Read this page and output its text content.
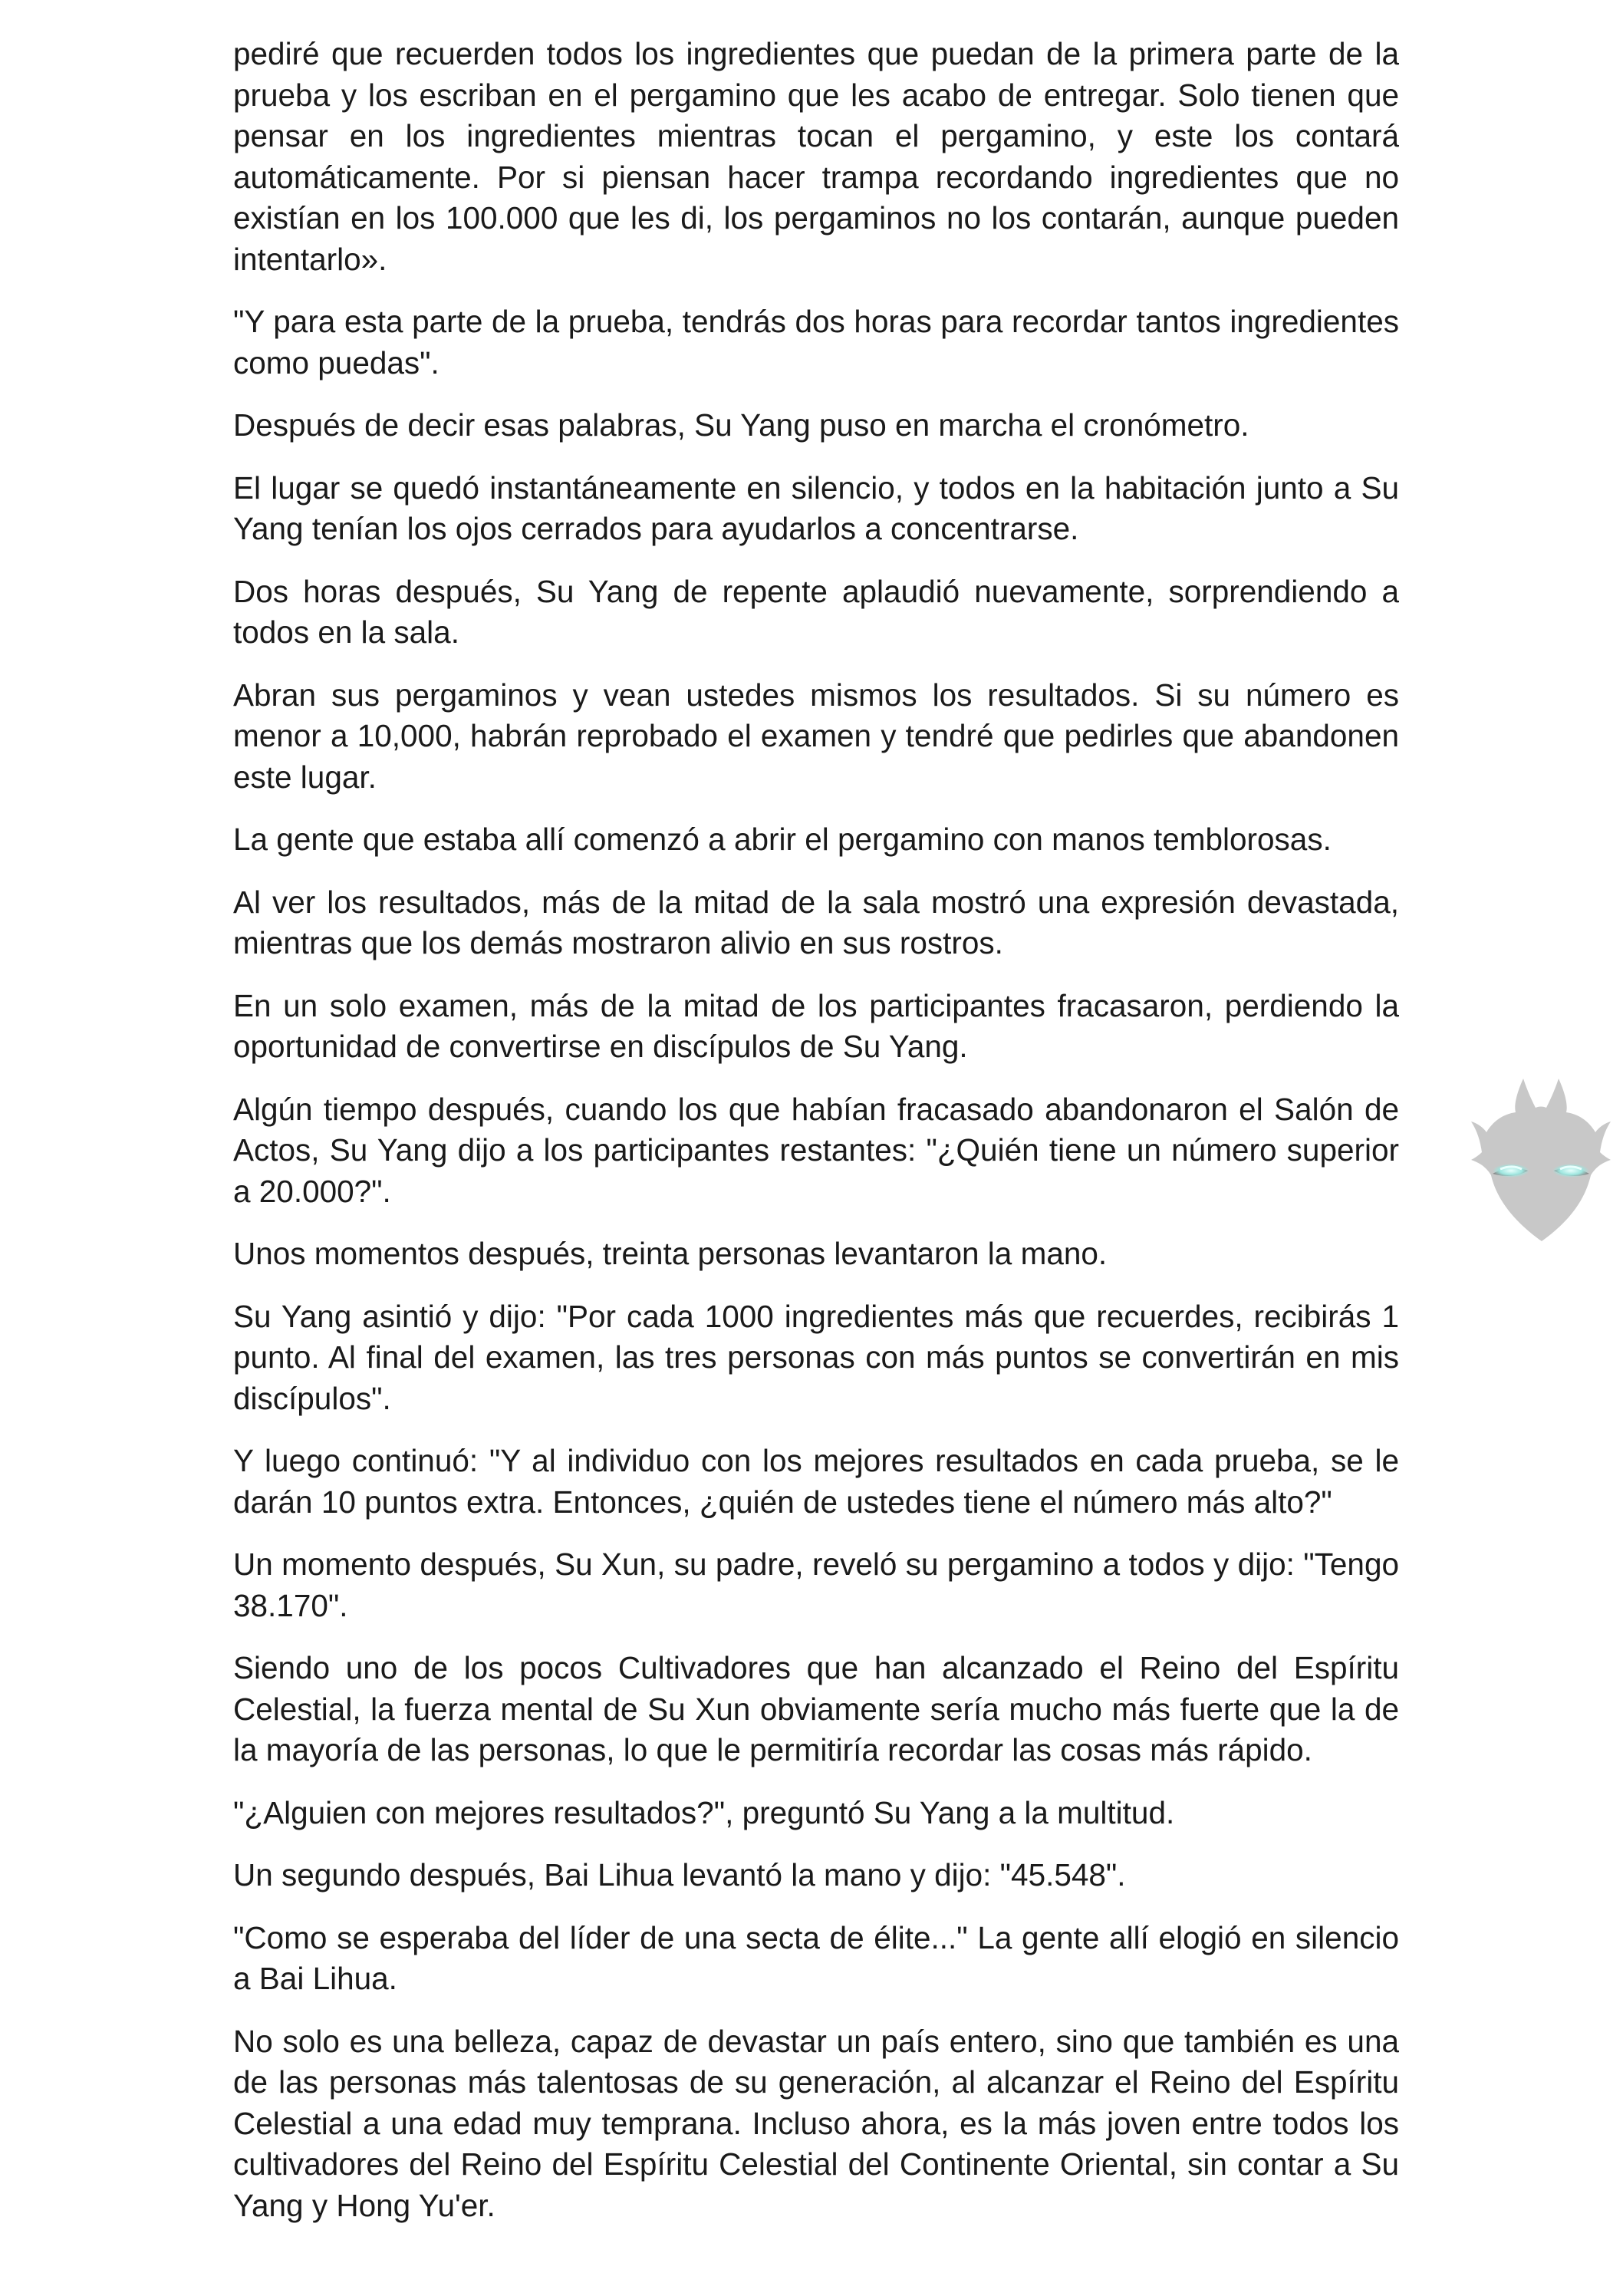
pediré que recuerden todos los ingredientes que puedan de la primera parte de la prueba y los escriban en el pergamino que les acabo de entregar. Solo tienen que pensar en los ingredientes mientras tocan el pergamino, y este los contará automáticamente. Por si piensan hacer trampa recordando ingredientes que no existían en los 100.000 que les di, los pergaminos no los contarán, aunque pueden intentarlo».

"Y para esta parte de la prueba, tendrás dos horas para recordar tantos ingredientes como puedas".

Después de decir esas palabras, Su Yang puso en marcha el cronómetro.

El lugar se quedó instantáneamente en silencio, y todos en la habitación junto a Su Yang tenían los ojos cerrados para ayudarlos a concentrarse.

Dos horas después, Su Yang de repente aplaudió nuevamente, sorprendiendo a todos en la sala.

Abran sus pergaminos y vean ustedes mismos los resultados. Si su número es menor a 10,000, habrán reprobado el examen y tendré que pedirles que abandonen este lugar.

La gente que estaba allí comenzó a abrir el pergamino con manos temblorosas.

Al ver los resultados, más de la mitad de la sala mostró una expresión devastada, mientras que los demás mostraron alivio en sus rostros.

En un solo examen, más de la mitad de los participantes fracasaron, perdiendo la oportunidad de convertirse en discípulos de Su Yang.

Algún tiempo después, cuando los que habían fracasado abandonaron el Salón de Actos, Su Yang dijo a los participantes restantes: "¿Quién tiene un número superior a 20.000?".

Unos momentos después, treinta personas levantaron la mano.

Su Yang asintió y dijo: "Por cada 1000 ingredientes más que recuerdes, recibirás 1 punto. Al final del examen, las tres personas con más puntos se convertirán en mis discípulos".

Y luego continuó: "Y al individuo con los mejores resultados en cada prueba, se le darán 10 puntos extra. Entonces, ¿quién de ustedes tiene el número más alto?"

Un momento después, Su Xun, su padre, reveló su pergamino a todos y dijo: "Tengo 38.170".

Siendo uno de los pocos Cultivadores que han alcanzado el Reino del Espíritu Celestial, la fuerza mental de Su Xun obviamente sería mucho más fuerte que la de la mayoría de las personas, lo que le permitiría recordar las cosas más rápido.

"¿Alguien con mejores resultados?", preguntó Su Yang a la multitud.

Un segundo después, Bai Lihua levantó la mano y dijo: "45.548".

"Como se esperaba del líder de una secta de élite..." La gente allí elogió en silencio a Bai Lihua.

No solo es una belleza, capaz de devastar un país entero, sino que también es una de las personas más talentosas de su generación, al alcanzar el Reino del Espíritu Celestial a una edad muy temprana. Incluso ahora, es la más joven entre todos los cultivadores del Reino del Espíritu Celestial del Continente Oriental, sin contar a Su Yang y Hong Yu'er.
